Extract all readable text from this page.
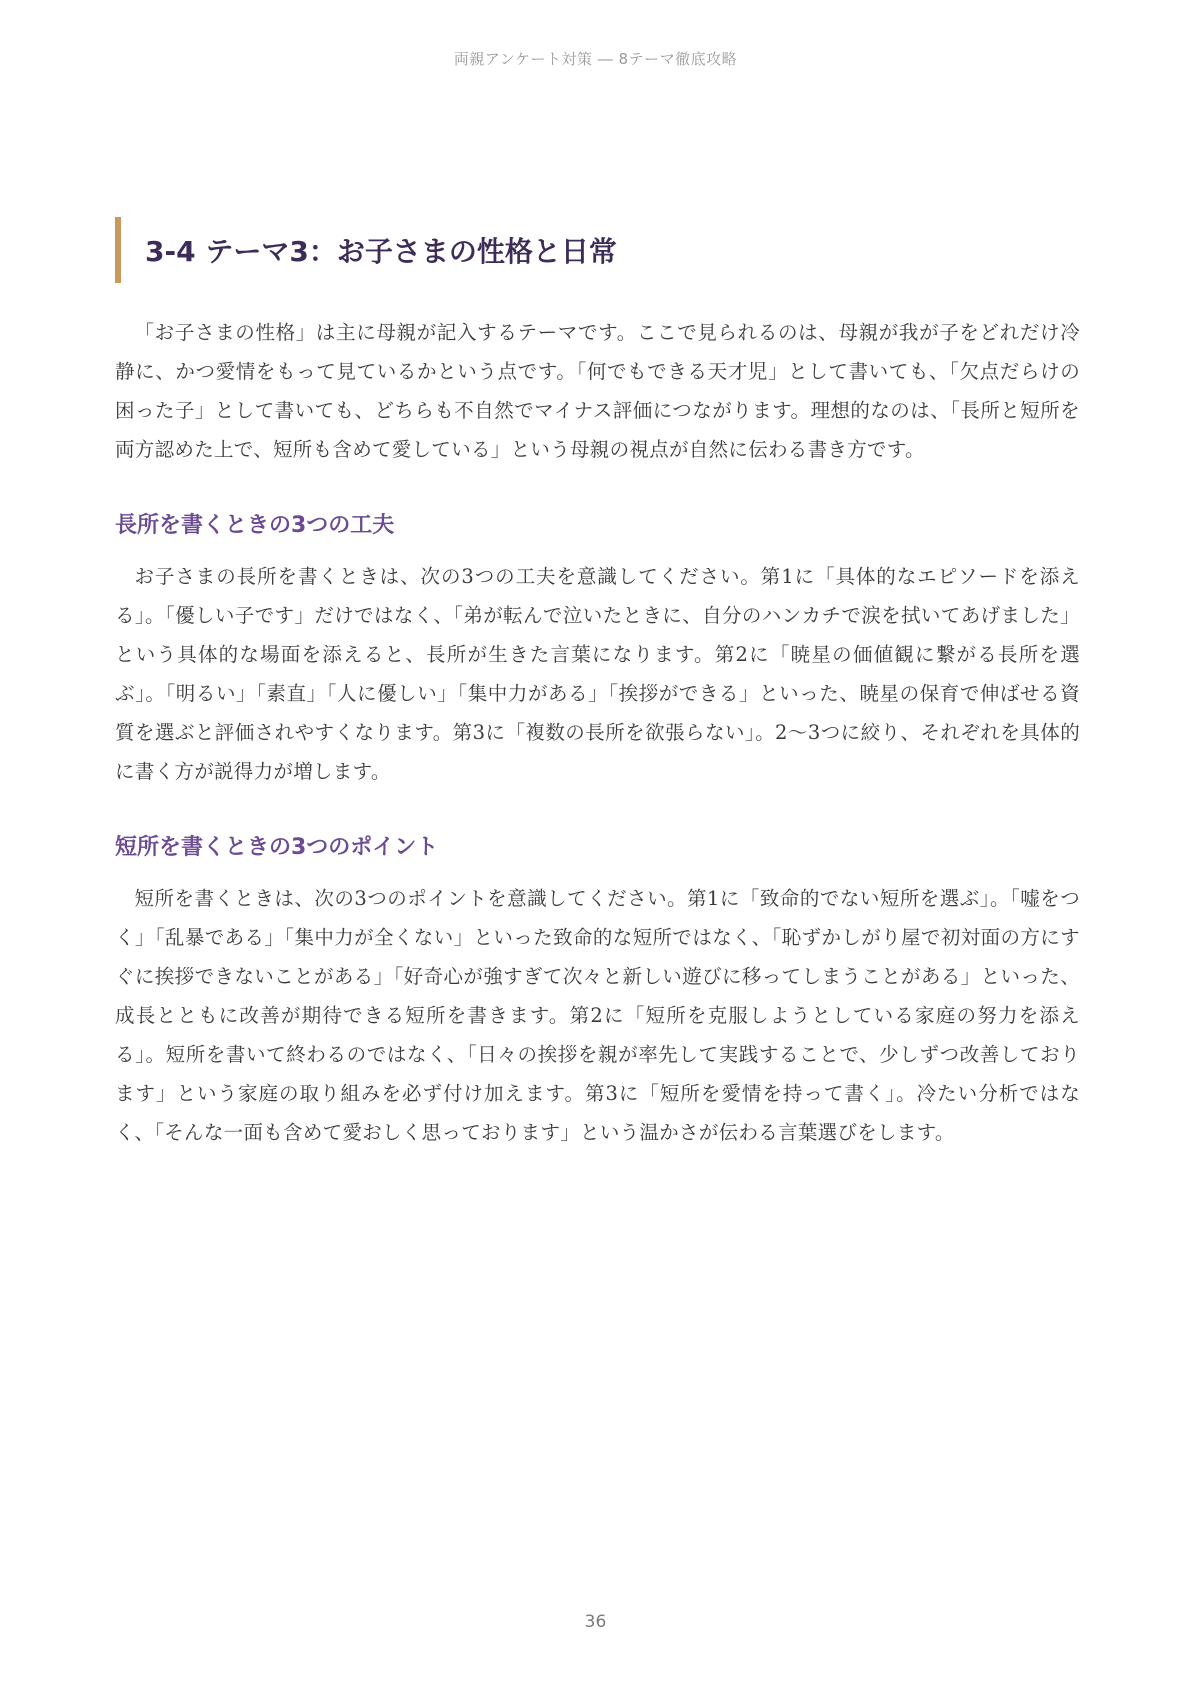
両親アンケート対策 ― 8テーマ徹底攻略
3-4 テーマ3：お子さまの性格と日常

「お子さまの性格」は主に母親が記入するテーマです。ここで見られるのは、母親が我が子をどれだけ冷静に、かつ愛情をもって見ているかという点です。「何でもできる天才児」として書いても、「欠点だらけの困った子」として書いても、どちらも不自然でマイナス評価につながります。理想的なのは、「長所と短所を両方認めた上で、短所も含めて愛している」という母親の視点が自然に伝わる書き方です。

長所を書くときの3つの工夫

お子さまの長所を書くときは、次の3つの工夫を意識してください。第1に「具体的なエピソードを添える」。「優しい子です」だけではなく、「弟が転んで泣いたときに、自分のハンカチで涙を拭いてあげました」という具体的な場面を添えると、長所が生きた言葉になります。第2に「暁星の価値観に繋がる長所を選ぶ」。「明るい」「素直」「人に優しい」「集中力がある」「挨拶ができる」といった、暁星の保育で伸ばせる資質を選ぶと評価されやすくなります。第3に「複数の長所を欲張らない」。2〜3つに絞り、それぞれを具体的に書く方が説得力が増します。

短所を書くときの3つのポイント

短所を書くときは、次の3つのポイントを意識してください。第1に「致命的でない短所を選ぶ」。「嘘をつく」「乱暴である」「集中力が全くない」といった致命的な短所ではなく、「恥ずかしがり屋で初対面の方にすぐに挨拶できないことがある」「好奇心が強すぎて次々と新しい遊びに移ってしまうことがある」といった、成長とともに改善が期待できる短所を書きます。第2に「短所を克服しようとしている家庭の努力を添える」。短所を書いて終わるのではなく、「日々の挨拶を親が率先して実践することで、少しずつ改善しております」という家庭の取り組みを必ず付け加えます。第3に「短所を愛情を持って書く」。冷たい分析ではなく、「そんな一面も含めて愛おしく思っております」という温かさが伝わる言葉選びをします。

36
